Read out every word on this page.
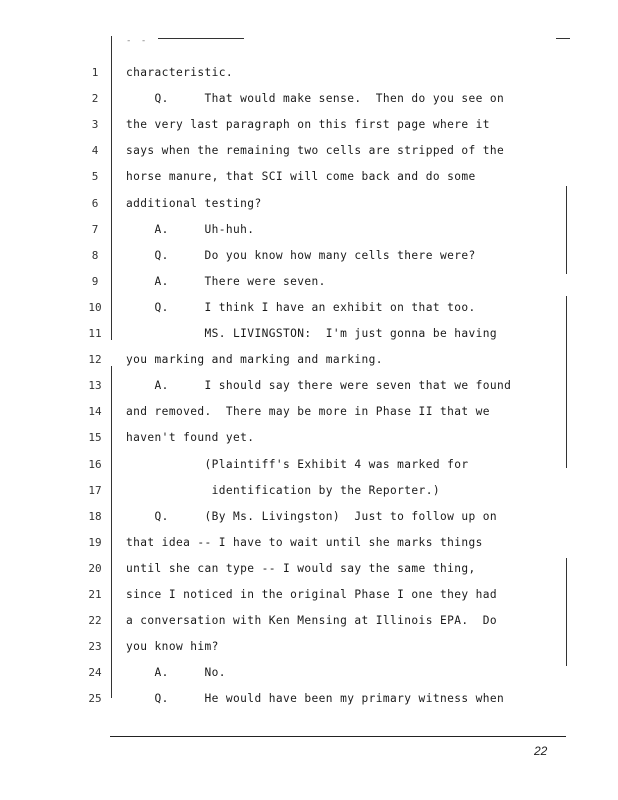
- -
1	characteristic.
2	Q.     That would make sense.  Then do you see on
3	the very last paragraph on this first page where it
4	says when the remaining two cells are stripped of the
5	horse manure, that SCI will come back and do some
6	additional testing?
7	A.     Uh-huh.
8	Q.     Do you know how many cells there were?
9	A.     There were seven.
10	Q.     I think I have an exhibit on that too.
11	MS. LIVINGSTON:  I'm just gonna be having
12	you marking and marking and marking.
13	A.     I should say there were seven that we found
14	and removed.  There may be more in Phase II that we
15	haven't found yet.
16	(Plaintiff's Exhibit 4 was marked for
17	identification by the Reporter.)
18	Q.     (By Ms. Livingston)  Just to follow up on
19	that idea -- I have to wait until she marks things
20	until she can type -- I would say the same thing,
21	since I noticed in the original Phase I one they had
22	a conversation with Ken Mensing at Illinois EPA.  Do
23	you know him?
24	A.     No.
25	Q.     He would have been my primary witness when
22
